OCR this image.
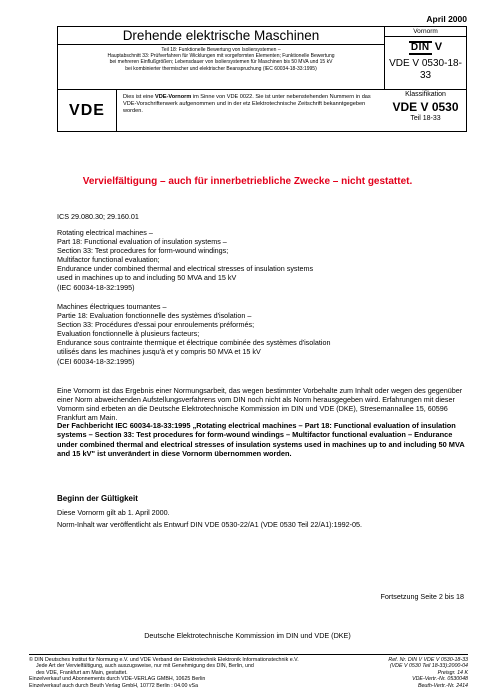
April 2000
Drehende elektrische Maschinen
Teil 18: Funktionelle Bewertung von Isoliersystemen –
Hauptabschnitt 33: Prüfverfahren für Wicklungen mit vorgeformten Elementen; Funktionelle Bewertung
bei mehreren Einflußgrößen; Lebensdauer von Isoliersystemen für Maschinen bis 50 MVA und 15 kV
bei kombinierter thermischer und elektrischer Beanspruchung (IEC 60034-18-33:1995)
Vornorm
DIN V
VDE V 0530-18-33
VDE
Dies ist eine VDE-Vornorm im Sinne von VDE 0022. Sie ist unter nebenstehenden Nummern in das VDE-Vorschriftenwerk aufgenommen und in der etz Elektrotechnische Zeitschrift bekanntgegeben worden.
Klassifikation
VDE V 0530
Teil 18-33
Vervielfältigung – auch für innerbetriebliche Zwecke – nicht gestattet.
ICS 29.080.30; 29.160.01
Rotating electrical machines –
Part 18: Functional evaluation of insulation systems –
Section 33: Test procedures for form-wound windings;
Multifactor functional evaluation;
Endurance under combined thermal and electrical stresses of insulation systems
used in machines up to and including 50 MVA and 15 kV
(IEC 60034-18-32:1995)
Machines électriques tournantes –
Partie 18: Evaluation fonctionnelle des systèmes d'isolation –
Section 33: Procédures d'essai pour enroulements préformés;
Evaluation fonctionnelle à plusieurs facteurs;
Endurance sous contrainte thermique et électrique combinée des systèmes d'isolation
utilisés dans les machines jusqu'à et y compris 50 MVA et 15 kV
(CEI 60034-18-32:1995)
Eine Vornorm ist das Ergebnis einer Normungsarbeit, das wegen bestimmter Vorbehalte zum Inhalt oder wegen des gegenüber einer Norm abweichenden Aufstellungsverfahrens vom DIN noch nicht als Norm herausgegeben wird. Erfahrungen mit dieser Vornorm sind erbeten an die Deutsche Elektrotechnische Kommission im DIN und VDE (DKE), Stresemannallee 15, 60596 Frankfurt am Main.
Der Fachbericht IEC 60034-18-33:1995 „Rotating electrical machines – Part 18: Functional evaluation of insulation systems – Section 33: Test procedures for form-wound windings – Multifactor functional evaluation – Endurance under combined thermal and electrical stresses of insulation systems used in machines up to and including 50 MVA and 15 kV" ist unverändert in diese Vornorm übernommen worden.
Beginn der Gültigkeit
Diese Vornorm gilt ab 1. April 2000.
Norm-Inhalt war veröffentlicht als Entwurf DIN VDE 0530-22/A1 (VDE 0530 Teil 22/A1):1992-05.
Fortsetzung Seite 2 bis 18
Deutsche Elektrotechnische Kommission im DIN und VDE (DKE)
© DIN Deutsches Institut für Normung e.V. und VDE Verband der Elektrotechnik Elektronik Informationstechnik e.V.
Jede Art der Vervielfältigung, auch auszugsweise, nur mit Genehmigung des DIN, Berlin, und
des VDE, Frankfurt am Main, gestattet.
Einzelverkauf und Abonnements durch VDE-VERLAG GMBH, 10625 Berlin
Einzelverkauf auch durch Beuth Verlag GmbH, 10772 Berlin : 04.00 vSa
Ref. Nr. DIN V VDE V 0530-18-33
(VDE V 0530 Teil 18-33):2000-04
Preisgr. 14 K
VDE-Vertr.-Nr. 0530048
Beuth-Vertr.-Nr. 2414
